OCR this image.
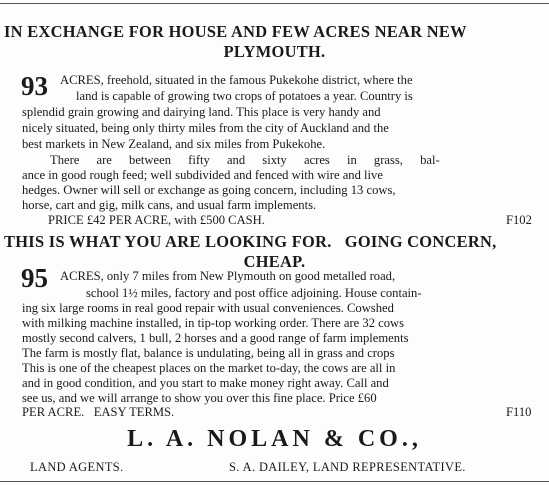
IN EXCHANGE FOR HOUSE AND FEW ACRES NEAR NEW
PLYMOUTH.
93 ACRES, freehold, situated in the famous Pukekohe district, where the
land is capable of growing two crops of potatoes a year. Country is
splendid grain growing and dairying land. This place is very handy and
nicely situated, being only thirty miles from the city of Auckland and the
best markets in New Zealand, and six miles from Pukekohe.
There are between fifty and sixty acres in grass, bal-
ance in good rough feed; well subdivided and fenced with wire and live
hedges. Owner will sell or exchange as going concern, including 13 cows,
horse, cart and gig, milk cans, and usual farm implements.
PRICE £42 PER ACRE, with £500 CASH.	F102
THIS IS WHAT YOU ARE LOOKING FOR.   GOING CONCERN,
CHEAP.
95 ACRES, only 7 miles from New Plymouth on good metalled road,
school 1½ miles, factory and post office adjoining. House contain-
ing six large rooms in real good repair with usual conveniences. Cowshed
with milking machine installed, in tip-top working order. There are 32 cows
mostly second calvers, 1 bull, 2 horses and a good range of farm implements
The farm is mostly flat, balance is undulating, being all in grass and crops
This is one of the cheapest places on the market to-day, the cows are all in
and in good condition, and you start to make money right away. Call and
see us, and we will arrange to show you over this fine place. Price £60
PER ACRE.   EASY TERMS.	F110
L. A. NOLAN & CO.,
LAND AGENTS.	S. A. DAILEY, LAND REPRESENTATIVE.
